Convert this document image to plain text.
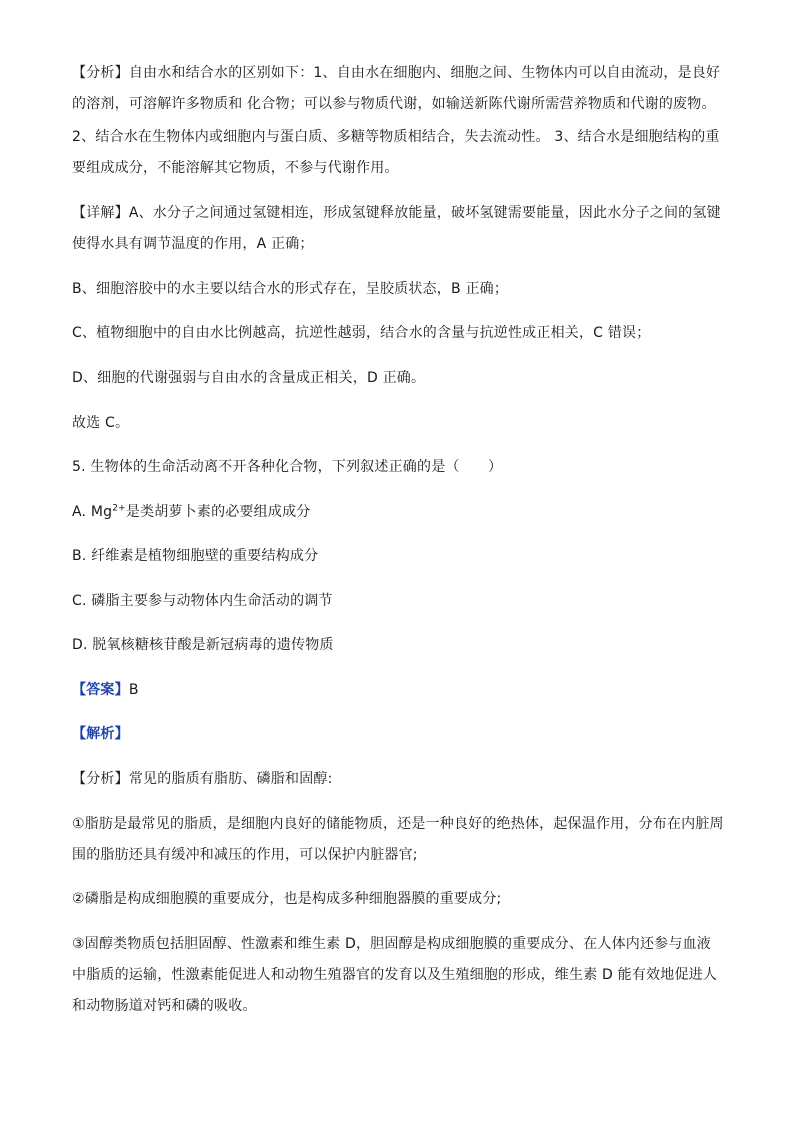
【分析】自由水和结合水的区别如下：1、自由水在细胞内、细胞之间、生物体内可以自由流动，是良好的溶剂，可溶解许多物质和 化合物；可以参与物质代谢，如输送新陈代谢所需营养物质和代谢的废物。

2、结合水在生物体内或细胞内与蛋白质、多糖等物质相结合，失去流动性。 3、结合水是细胞结构的重要组成成分，不能溶解其它物质，不参与代谢作用。

【详解】A、水分子之间通过氢键相连，形成氢键释放能量，破坏氢键需要能量，因此水分子之间的氢键使得水具有调节温度的作用，A 正确；

B、细胞溶胶中的水主要以结合水的形式存在，呈胶质状态，B 正确；

C、植物细胞中的自由水比例越高，抗逆性越弱，结合水的含量与抗逆性成正相关，C 错误；

D、细胞的代谢强弱与自由水的含量成正相关，D 正确。

故选 C。

5. 生物体的生命活动离不开各种化合物，下列叙述正确的是（　　）

A. $Mg^{2+}$是类胡萝卜素的必要组成成分

B. 纤维素是植物细胞壁的重要结构成分

C. 磷脂主要参与动物体内生命活动的调节

D. 脱氧核糖核苷酸是新冠病毒的遗传物质

【答案】B

【解析】

【分析】常见的脂质有脂肪、磷脂和固醇:

①脂肪是最常见的脂质，是细胞内良好的储能物质，还是一种良好的绝热体，起保温作用，分布在内脏周围的脂肪还具有缓冲和减压的作用，可以保护内脏器官;

②磷脂是构成细胞膜的重要成分，也是构成多种细胞器膜的重要成分;

③固醇类物质包括胆固醇、性激素和维生素 D，胆固醇是构成细胞膜的重要成分、在人体内还参与血液中脂质的运输，性激素能促进人和动物生殖器官的发育以及生殖细胞的形成，维生素 D 能有效地促进人和动物肠道对钙和磷的吸收。
